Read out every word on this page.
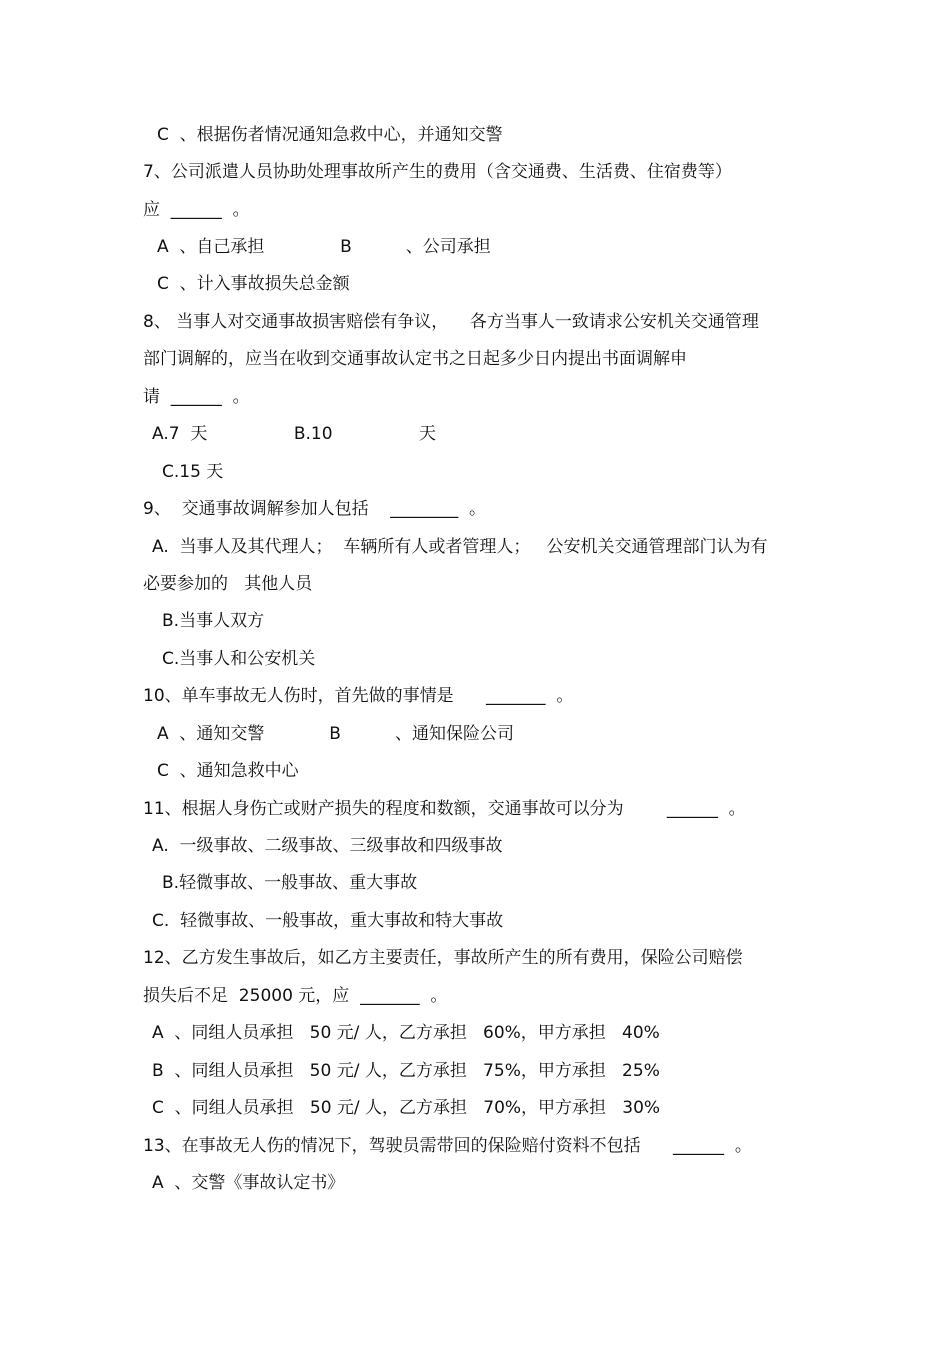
C  、根据伤者情况通知急救中心，并通知交警
7、公司派遣人员协助处理事故所产生的费用（含交通费、生活费、住宿费等）
应  ______  。
A  、自己承担              B          、公司承担
C  、计入事故损失总金额
8、 当事人对交通事故损害赔偿有争议，    各方当事人一致请求公安机关交通管理
部门调解的，应当在收到交通事故认定书之日起多少日内提出书面调解申
请  ______  。
A.7  天                B.10                天
C.15 天
9、  交通事故调解参加人包括    ________  。
A.  当事人及其代理人；  车辆所有人或者管理人；   公安机关交通管理部门认为有
必要参加的   其他人员
B.当事人双方
C.当事人和公安机关
10、单车事故无人伤时，首先做的事情是      _______  。
A  、通知交警            B          、通知保险公司
C  、通知急救中心
11、根据人身伤亡或财产损失的程度和数额，交通事故可以分为        ______  。
A.  一级事故、二级事故、三级事故和四级事故
B.轻微事故、一般事故、重大事故
C.  轻微事故、一般事故，重大事故和特大事故
12、乙方发生事故后，如乙方主要责任，事故所产生的所有费用，保险公司赔偿
损失后不足  25000 元，应  _______  。
A  、同组人员承担   50 元/ 人，乙方承担   60%，甲方承担   40%
B  、同组人员承担   50 元/ 人，乙方承担   75%，甲方承担   25%
C  、同组人员承担   50 元/ 人，乙方承担   70%，甲方承担   30%
13、在事故无人伤的情况下，驾驶员需带回的保险赔付资料不包括      ______  。
A  、交警《事故认定书》
